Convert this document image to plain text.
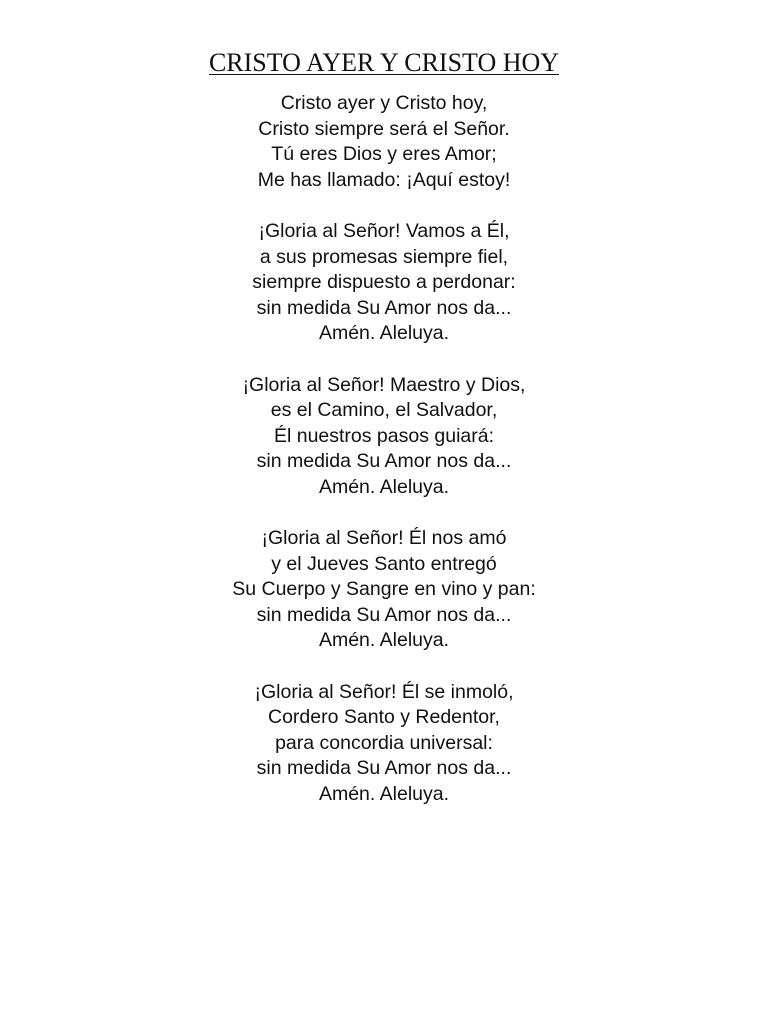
CRISTO AYER Y CRISTO HOY
Cristo ayer y Cristo hoy,
Cristo siempre será el Señor.
Tú eres Dios y eres Amor;
Me has llamado: ¡Aquí estoy!
¡Gloria al Señor! Vamos a Él,
a sus promesas siempre fiel,
siempre dispuesto a perdonar:
sin medida Su Amor nos da...
Amén. Aleluya.
¡Gloria al Señor! Maestro y Dios,
es el Camino, el Salvador,
Él nuestros pasos guiará:
sin medida Su Amor nos da...
Amén. Aleluya.
¡Gloria al Señor! Él nos amó
y el Jueves Santo entregó
Su Cuerpo y Sangre en vino y pan:
sin medida Su Amor nos da...
Amén. Aleluya.
¡Gloria al Señor! Él se inmoló,
Cordero Santo y Redentor,
para concordia universal:
sin medida Su Amor nos da...
Amén. Aleluya.
